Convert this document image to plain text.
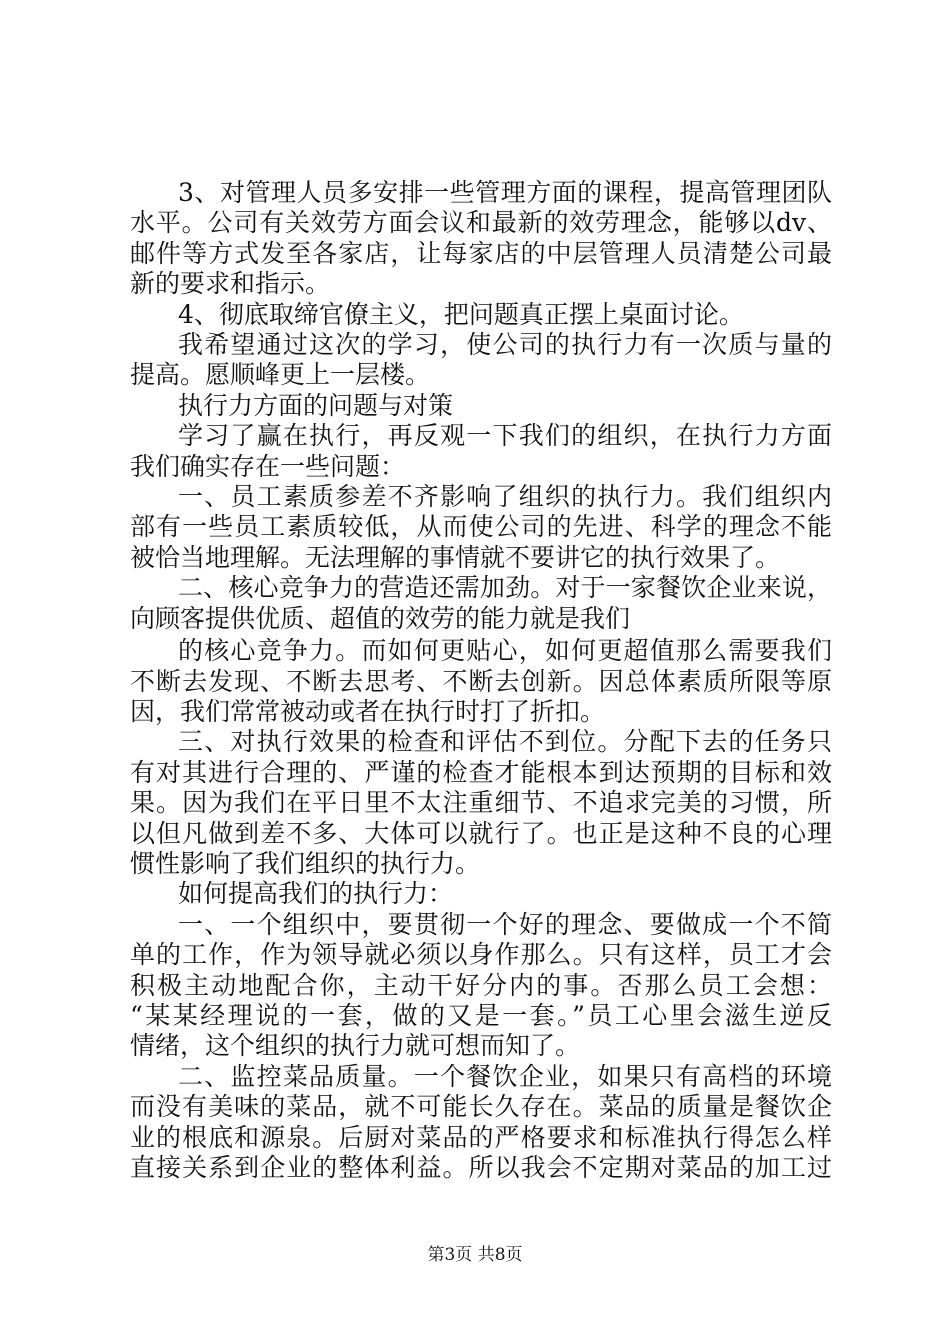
3、对管理人员多安排一些管理方面的课程，提高管理团队
水平。公司有关效劳方面会议和最新的效劳理念，能够以dv、
邮件等方式发至各家店，让每家店的中层管理人员清楚公司最
新的要求和指示。
4、彻底取缔官僚主义，把问题真正摆上桌面讨论。
我希望通过这次的学习，使公司的执行力有一次质与量的
提高。愿顺峰更上一层楼。
执行力方面的问题与对策
学习了赢在执行，再反观一下我们的组织，在执行力方面
我们确实存在一些问题：
一、员工素质参差不齐影响了组织的执行力。我们组织内
部有一些员工素质较低，从而使公司的先进、科学的理念不能
被恰当地理解。无法理解的事情就不要讲它的执行效果了。
二、核心竞争力的营造还需加劲。对于一家餐饮企业来说，
向顾客提供优质、超值的效劳的能力就是我们
的核心竞争力。而如何更贴心，如何更超值那么需要我们
不断去发现、不断去思考、不断去创新。因总体素质所限等原
因，我们常常被动或者在执行时打了折扣。
三、对执行效果的检查和评估不到位。分配下去的任务只
有对其进行合理的、严谨的检查才能根本到达预期的目标和效
果。因为我们在平日里不太注重细节、不追求完美的习惯，所
以但凡做到差不多、大体可以就行了。也正是这种不良的心理
惯性影响了我们组织的执行力。
如何提高我们的执行力：
一、一个组织中，要贯彻一个好的理念、要做成一个不简
单的工作，作为领导就必须以身作那么。只有这样，员工才会
积极主动地配合你，主动干好分内的事。否那么员工会想：
“某某经理说的一套，做的又是一套。”员工心里会滋生逆反
情绪，这个组织的执行力就可想而知了。
二、监控菜品质量。一个餐饮企业，如果只有高档的环境
而没有美味的菜品，就不可能长久存在。菜品的质量是餐饮企
业的根底和源泉。后厨对菜品的严格要求和标准执行得怎么样
直接关系到企业的整体利益。所以我会不定期对菜品的加工过
第3页 共8页
